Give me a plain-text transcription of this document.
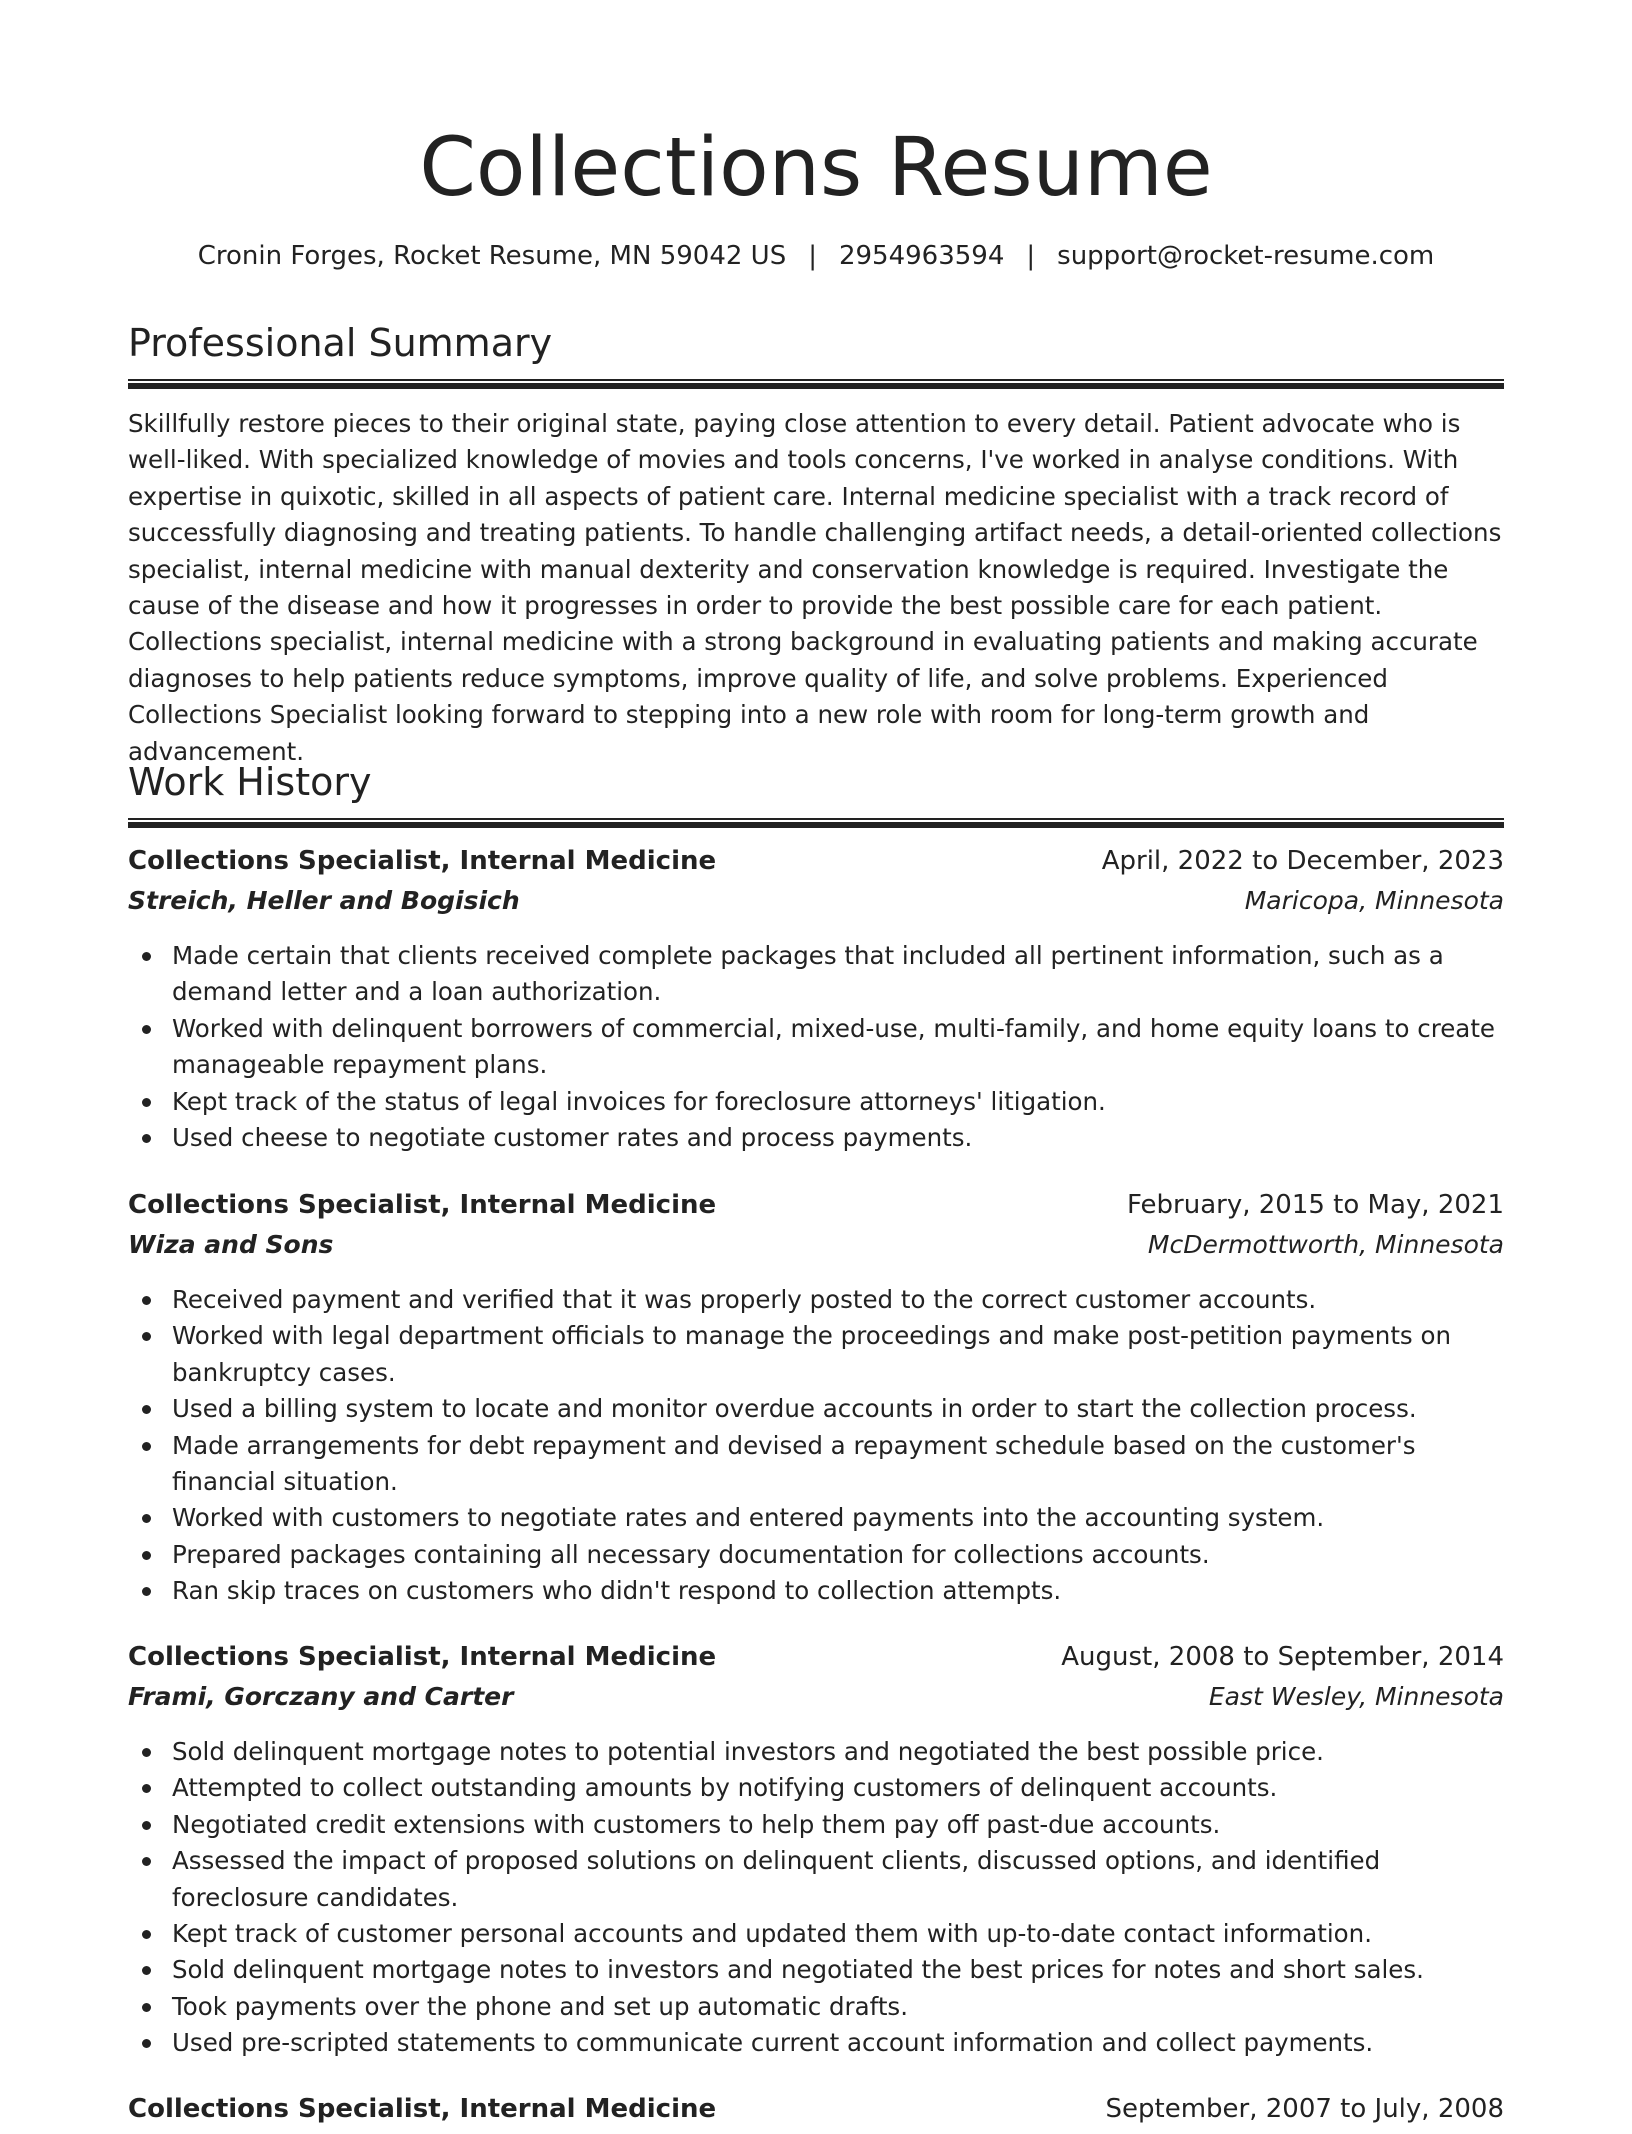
Collections Resume
Cronin Forges, Rocket Resume, MN 59042 US | 2954963594 | support@rocket-resume.com
Professional Summary

Skillfully restore pieces to their original state, paying close attention to every detail. Patient advocate who is well-liked. With specialized knowledge of movies and tools concerns, I've worked in analyse conditions. With expertise in quixotic, skilled in all aspects of patient care. Internal medicine specialist with a track record of successfully diagnosing and treating patients. To handle challenging artifact needs, a detail-oriented collections specialist, internal medicine with manual dexterity and conservation knowledge is required. Investigate the cause of the disease and how it progresses in order to provide the best possible care for each patient. Collections specialist, internal medicine with a strong background in evaluating patients and making accurate diagnoses to help patients reduce symptoms, improve quality of life, and solve problems. Experienced Collections Specialist looking forward to stepping into a new role with room for long-term growth and advancement.

Work History
Collections Specialist, Internal Medicine	April, 2022 to December, 2023
Streich, Heller and Bogisich	Maricopa, Minnesota
Made certain that clients received complete packages that included all pertinent information, such as a demand letter and a loan authorization.
Worked with delinquent borrowers of commercial, mixed-use, multi-family, and home equity loans to create manageable repayment plans.
Kept track of the status of legal invoices for foreclosure attorneys' litigation.
Used cheese to negotiate customer rates and process payments.
Collections Specialist, Internal Medicine	February, 2015 to May, 2021
Wiza and Sons	McDermottworth, Minnesota
Received payment and verified that it was properly posted to the correct customer accounts.
Worked with legal department officials to manage the proceedings and make post-petition payments on bankruptcy cases.
Used a billing system to locate and monitor overdue accounts in order to start the collection process.
Made arrangements for debt repayment and devised a repayment schedule based on the customer's financial situation.
Worked with customers to negotiate rates and entered payments into the accounting system.
Prepared packages containing all necessary documentation for collections accounts.
Ran skip traces on customers who didn't respond to collection attempts.
Collections Specialist, Internal Medicine	August, 2008 to September, 2014
Frami, Gorczany and Carter	East Wesley, Minnesota
Sold delinquent mortgage notes to potential investors and negotiated the best possible price.
Attempted to collect outstanding amounts by notifying customers of delinquent accounts.
Negotiated credit extensions with customers to help them pay off past-due accounts.
Assessed the impact of proposed solutions on delinquent clients, discussed options, and identified foreclosure candidates.
Kept track of customer personal accounts and updated them with up-to-date contact information.
Sold delinquent mortgage notes to investors and negotiated the best prices for notes and short sales.
Took payments over the phone and set up automatic drafts.
Used pre-scripted statements to communicate current account information and collect payments.
Collections Specialist, Internal Medicine	September, 2007 to July, 2008
